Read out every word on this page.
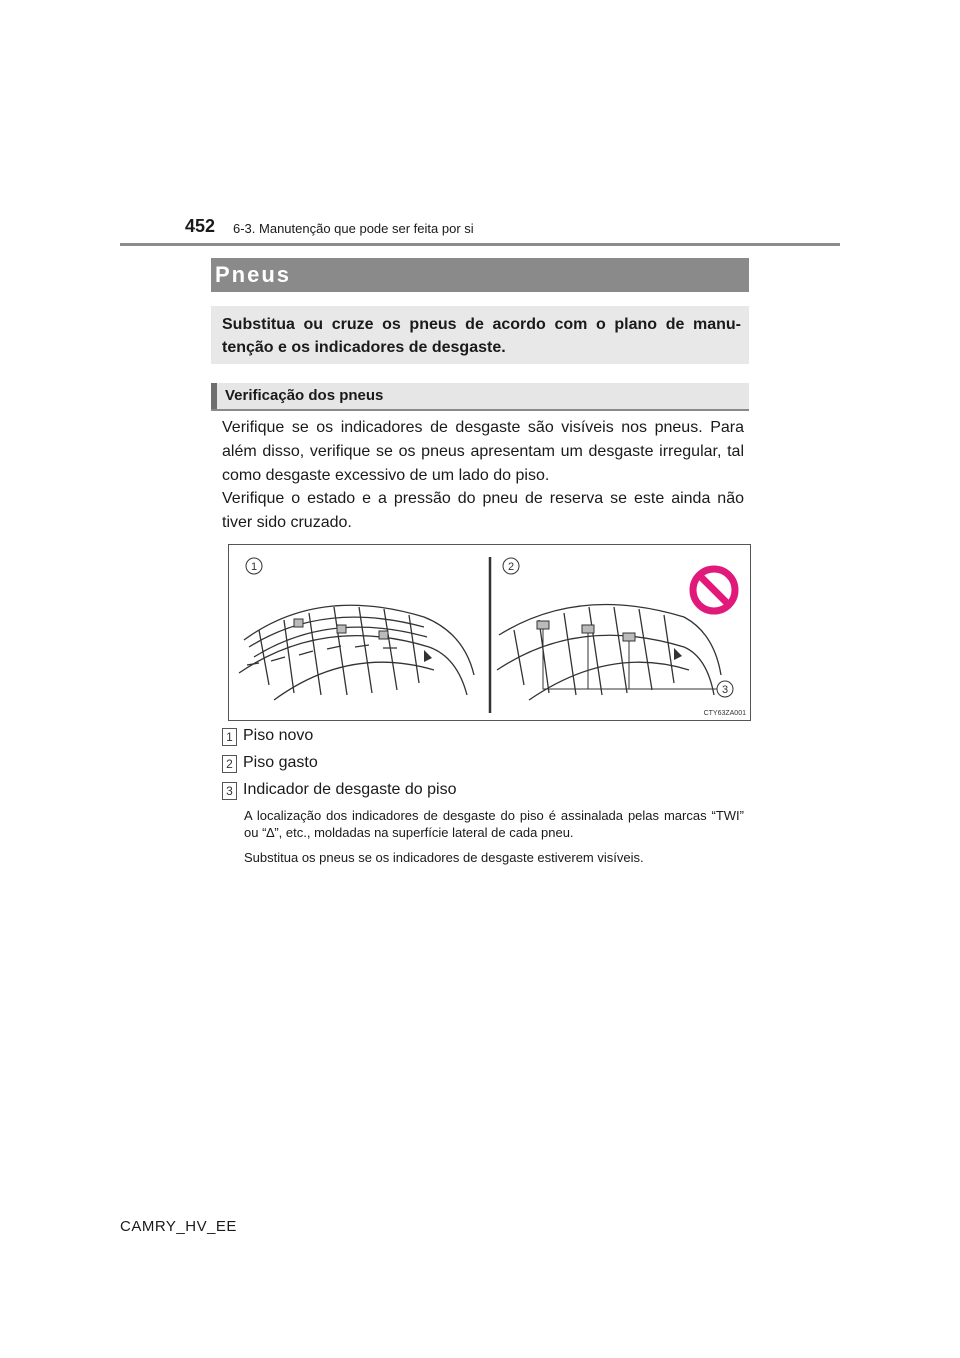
452 6-3. Manutenção que pode ser feita por si
Pneus

Substitua ou cruze os pneus de acordo com o plano de manu-tenção e os indicadores de desgaste.

Verificação dos pneus

Verifique se os indicadores de desgaste são visíveis nos pneus. Para além disso, verifique se os pneus apresentam um desgaste irregular, tal como desgaste excessivo de um lado do piso.

Verifique o estado e a pressão do pneu de reserva se este ainda não tiver sido cruzado.

1	2
3
CTY63ZA001
1 Piso novo
2 Piso gasto
3 Indicador de desgaste do piso

A localização dos indicadores de desgaste do piso é assinalada pelas marcas “TWI” ou “∆”, etc., moldadas na superfície lateral de cada pneu.

Substitua os pneus se os indicadores de desgaste estiverem visíveis.

CAMRY_HV_EE
